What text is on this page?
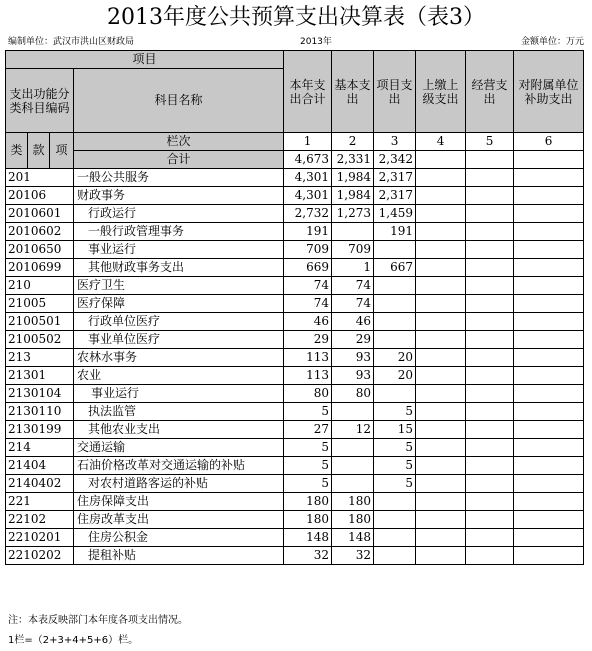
2013年度公共预算支出决算表（表3）
编制单位：武汉市洪山区财政局	2013年	金额单位：万元
项目				本年支出合计	基本支出	项目支出	上缴上级支出	经营支出	对附属单位补助支出
支出功能分类科目编码			科目名称						

类	款	项	栏次	1	2	3	4	5	6
			合计	4,673	2,331	2,342			
201			一般公共服务	4,301	1,984	2,317			
20106			财政事务	4,301	1,984	2,317			
2010601			行政运行	2,732	1,273	1,459			
2010602			一般行政管理事务	191		191			
2010650			事业运行	709	709				
2010699			其他财政事务支出	669	1	667			
210			医疗卫生	74	74				
21005			医疗保障	74	74				
2100501			行政单位医疗	46	46				
2100502			事业单位医疗	29	29				
213			农林水事务	113	93	20			
21301			农业	113	93	20			
2130104			事业运行	80	80				
2130110			执法监管	5		5			
2130199			其他农业支出	27	12	15			
214			交通运输	5		5			
21404			石油价格改革对交通运输的补贴	5		5			
2140402			对农村道路客运的补贴	5		5			
221			住房保障支出	180	180				
22102			住房改革支出	180	180				
2210201			住房公积金	148	148				
2210202			提租补贴	32	32				
注：本表反映部门本年度各项支出情况。
1栏=（2+3+4+5+6）栏。
